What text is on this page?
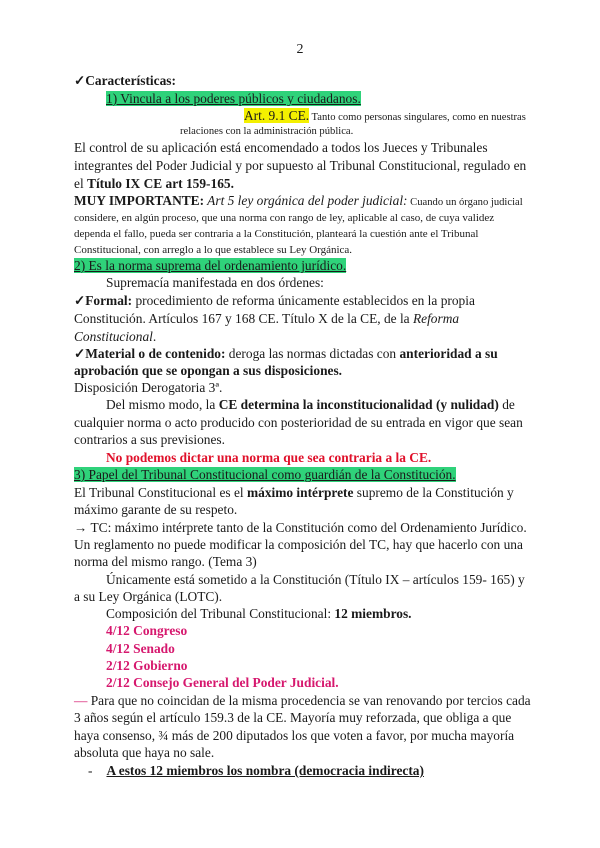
2
✓Características:
1) Vincula a los poderes públicos y ciudadanos.
Art. 9.1 CE. Tanto como personas singulares, como en nuestras
relaciones con la administración pública.
El control de su aplicación está encomendado a todos los Jueces y Tribunales
integrantes del Poder Judicial y por supuesto al Tribunal Constitucional, regulado en
el Título IX CE art 159-165.
MUY IMPORTANTE: Art 5 ley orgánica del poder judicial: Cuando un órgano judicial
considere, en algún proceso, que una norma con rango de ley, aplicable al caso, de cuya validez
dependa el fallo, pueda ser contraria a la Constitución, planteará la cuestión ante el Tribunal
Constitucional, con arreglo a lo que establece su Ley Orgánica.
2) Es la norma suprema del ordenamiento jurídico.
Supremacía manifestada en dos órdenes:
✓Formal: procedimiento de reforma únicamente establecidos en la propia
Constitución. Artículos 167 y 168 CE. Título X de la CE, de la Reforma
Constitucional.
✓Material o de contenido: deroga las normas dictadas con anterioridad a su
aprobación que se opongan a sus disposiciones.
Disposición Derogatoria 3ª.
Del mismo modo, la CE determina la inconstitucionalidad (y nulidad) de
cualquier norma o acto producido con posterioridad de su entrada en vigor que sean
contrarios a sus previsiones.
No podemos dictar una norma que sea contraria a la CE.
3) Papel del Tribunal Constitucional como guardián de la Constitución.
El Tribunal Constitucional es el máximo intérprete supremo de la Constitución y
máximo garante de su respeto.
→ TC: máximo intérprete tanto de la Constitución como del Ordenamiento Jurídico.
Un reglamento no puede modificar la composición del TC, hay que hacerlo con una
norma del mismo rango. (Tema 3)
Únicamente está sometido a la Constitución (Título IX – artículos 159- 165) y
a su Ley Orgánica (LOTC).
Composición del Tribunal Constitucional: 12 miembros.
4/12 Congreso
4/12 Senado
2/12 Gobierno
2/12 Consejo General del Poder Judicial.
— Para que no coincidan de la misma procedencia se van renovando por tercios cada
3 años según el artículo 159.3 de la CE. Mayoría muy reforzada, que obliga a que
haya consenso, ¾ más de 200 diputados los que voten a favor, por mucha mayoría
absoluta que haya no sale.
- A estos 12 miembros los nombra (democracia indirecta)
